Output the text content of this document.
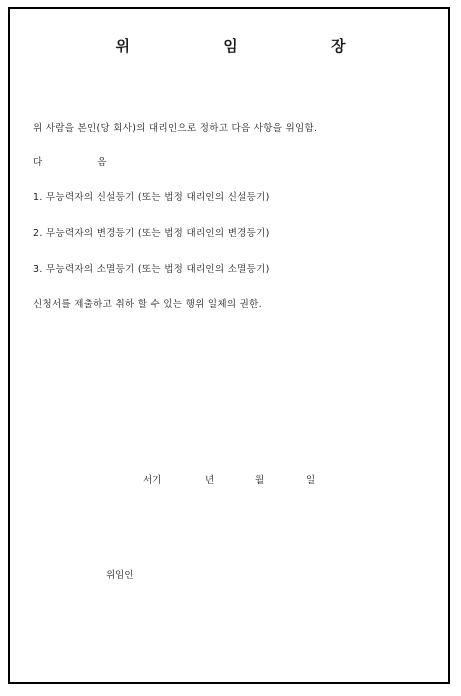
위 임 장
위 사람을 본인(당 회사)의 대리인으로 정하고 다음 사항을 위임함.
다 음
1. 무능력자의 신설등기 (또는 법정 대리인의 신설등기)
2. 무능력자의 변경등기 (또는 법정 대리인의 변경등기)
3. 무능력자의 소멸등기 (또는 법정 대리인의 소멸등기)
신청서를 제출하고 취하 할 수 있는 행위 일체의 권한.
서기	년	월	일
위임인
